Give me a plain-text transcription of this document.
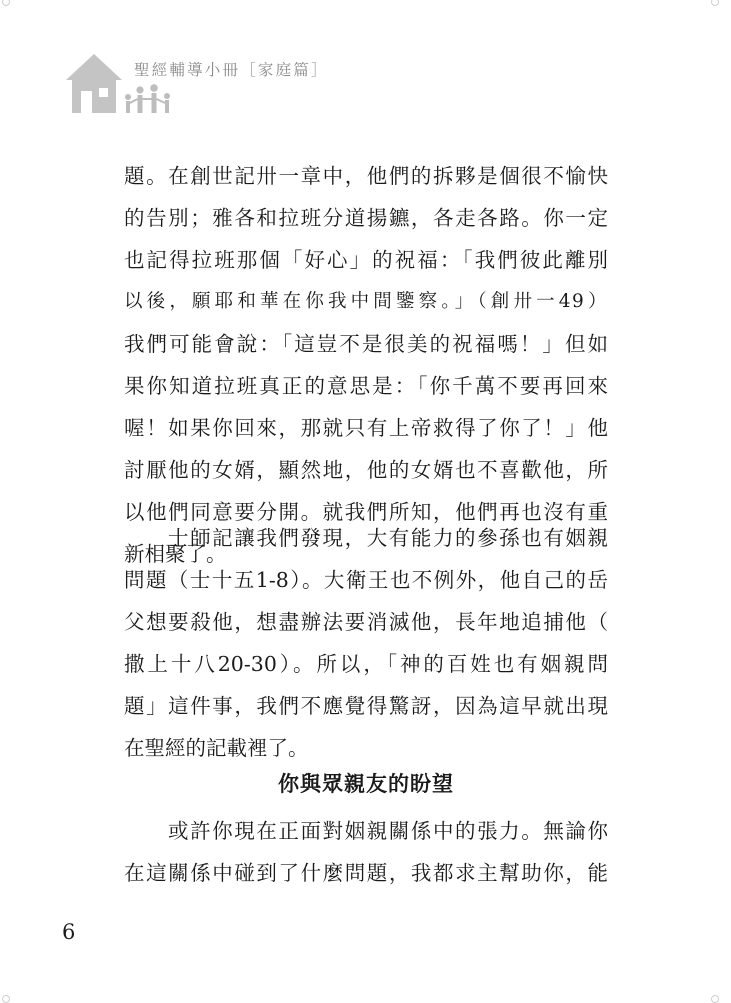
聖經輔導小冊［家庭篇］
題。在創世記卅一章中，他們的拆夥是個很不愉快
的告別；雅各和拉班分道揚鑣，各走各路。你一定
也記得拉班那個「好心」的祝福：「我們彼此離別
以後，願耶和華在你我中間鑒察。」（創卅一49）
我們可能會說：「這豈不是很美的祝福嗎！」但如
果你知道拉班真正的意思是：「你千萬不要再回來
喔！如果你回來，那就只有上帝救得了你了！」他
討厭他的女婿，顯然地，他的女婿也不喜歡他，所
以他們同意要分開。就我們所知，他們再也沒有重
新相聚了。
士師記讓我們發現，大有能力的參孫也有姻親
問題（士十五1-8）。大衛王也不例外，他自己的岳
父想要殺他，想盡辦法要消滅他，長年地追捕他（
撒上十八20-30）。所以，「神的百姓也有姻親問
題」這件事，我們不應覺得驚訝，因為這早就出現
在聖經的記載裡了。
你與眾親友的盼望
或許你現在正面對姻親關係中的張力。無論你
在這關係中碰到了什麼問題，我都求主幫助你，能
6
